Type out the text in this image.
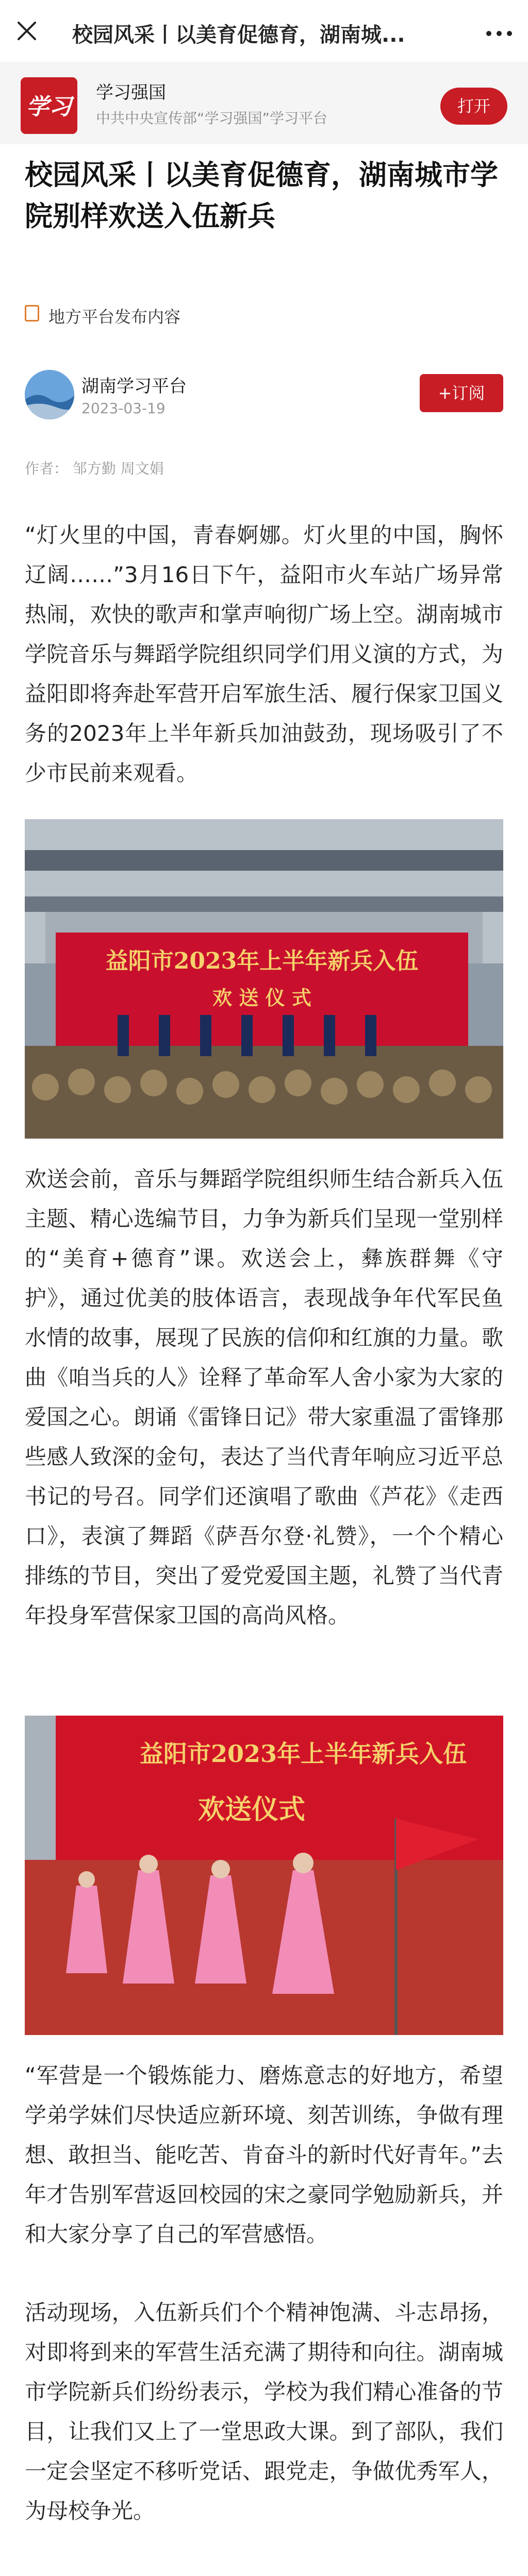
校园风采丨以美育促德育，湖南城...
学习
学习强国
中共中央宣传部“学习强国”学习平台
打开
校园风采丨以美育促德育，湖南城市学院别样欢送入伍新兵
地方平台发布内容
湖南学习平台
2023-03-19
+订阅
作者： 邹方勤 周文娟

“灯火里的中国，青春婀娜。灯火里的中国，胸怀辽阔……”3月16日下午，益阳市火车站广场异常热闹，欢快的歌声和掌声响彻广场上空。湖南城市学院音乐与舞蹈学院组织同学们用义演的方式，为益阳即将奔赴军营开启军旅生活、履行保家卫国义务的2023年上半年新兵加油鼓劲，现场吸引了不少市民前来观看。

益阳市2023年上半年新兵入伍
欢 送 仪 式

欢送会前，音乐与舞蹈学院组织师生结合新兵入伍主题、精心选编节目，力争为新兵们呈现一堂别样的“美育+德育”课。欢送会上，彝族群舞《守护》，通过优美的肢体语言，表现战争年代军民鱼水情的故事，展现了民族的信仰和红旗的力量。歌曲《咱当兵的人》诠释了革命军人舍小家为大家的爱国之心。朗诵《雷锋日记》带大家重温了雷锋那些感人致深的金句，表达了当代青年响应习近平总书记的号召。同学们还演唱了歌曲《芦花》《走西口》，表演了舞蹈《萨吾尔登·礼赞》，一个个精心排练的节目，突出了爱党爱国主题，礼赞了当代青年投身军营保家卫国的高尚风格。

益阳市2023年上半年新兵入伍
欢送仪式

“军营是一个锻炼能力、磨炼意志的好地方，希望学弟学妹们尽快适应新环境、刻苦训练，争做有理想、敢担当、能吃苦、肯奋斗的新时代好青年。”去年才告别军营返回校园的宋之豪同学勉励新兵，并和大家分享了自己的军营感悟。

活动现场，入伍新兵们个个精神饱满、斗志昂扬，对即将到来的军营生活充满了期待和向往。湖南城市学院新兵们纷纷表示，学校为我们精心准备的节目，让我们又上了一堂思政大课。到了部队，我们一定会坚定不移听党话、跟党走，争做优秀军人，为母校争光。
